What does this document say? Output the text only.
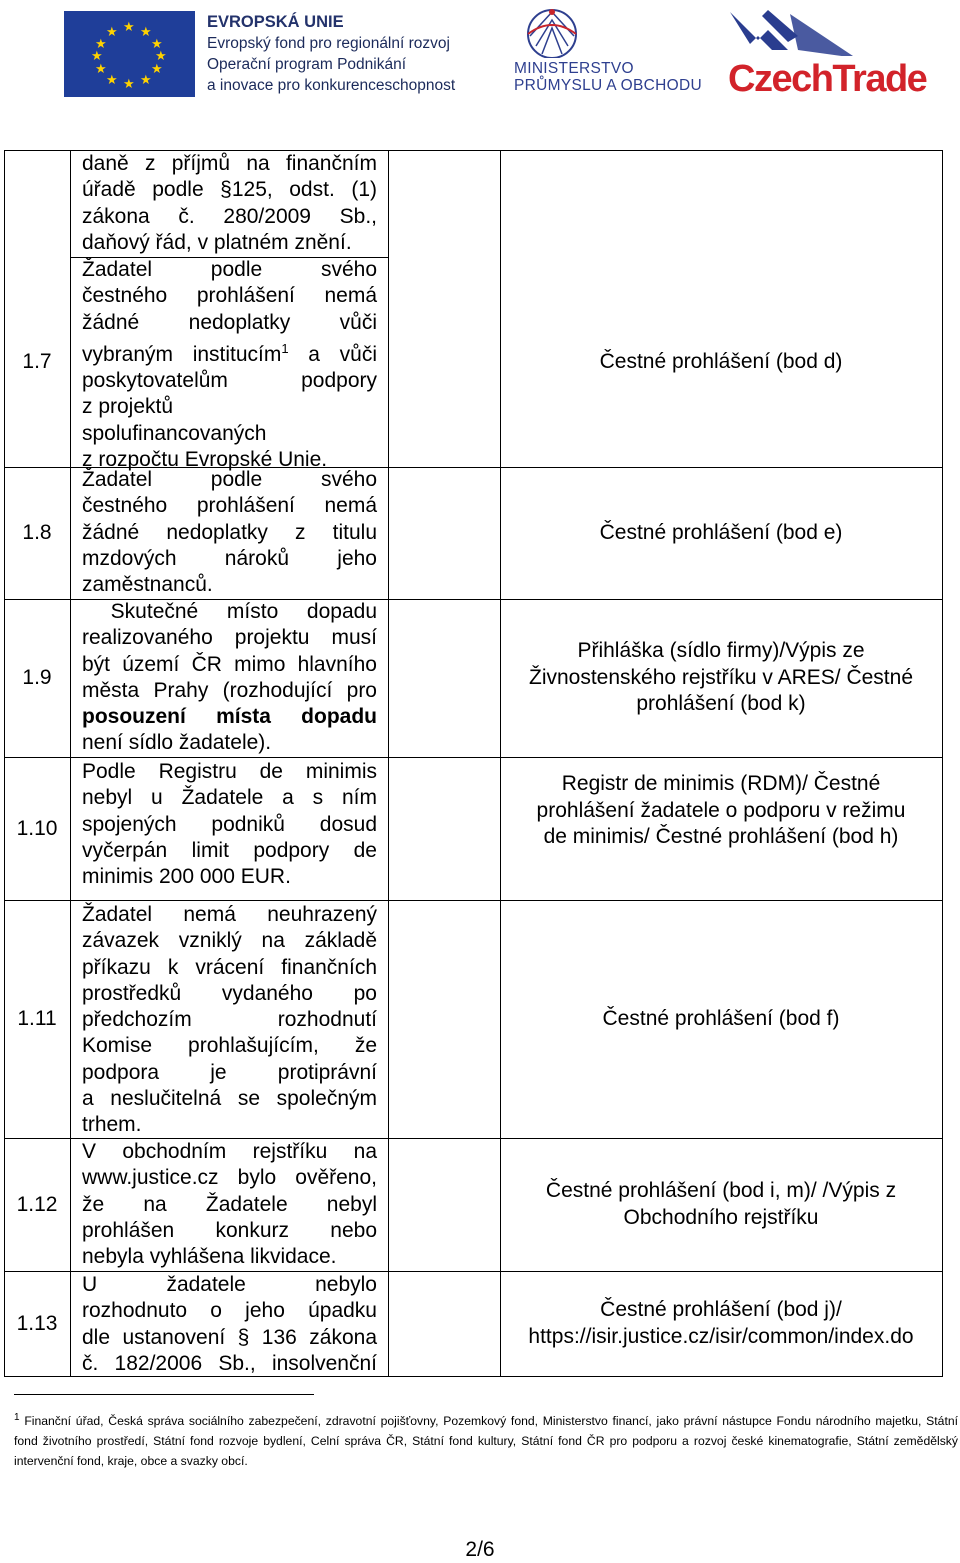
★ ★
★
★
★
★
★
★
★
★
★
★
EVROPSKÁ UNIE
Evropský fond pro regionální rozvoj
Operační program Podnikání
a inovace pro konkurenceschopnost
MINISTERSTVO
PRŮMYSLU A OBCHODU CzechTrade
daně z příjmů na finančním
úřadě podle §125, odst. (1)
zákona č. 280/2009 Sb.,
daňový řád, v platném znění.
1.7
Žadatel podle svého
čestného prohlášení nemá
žádné nedoplatky vůči
vybraným institucím$^1$ a vůči
poskytovatelům podpory
z projektů
spolufinancovaných
z rozpočtu Evropské Unie.
Čestné prohlášení (bod d)
1.8
Žadatel podle svého
čestného prohlášení nemá
žádné nedoplatky z titulu
mzdových nároků jeho
zaměstnanců.
Čestné prohlášení (bod e)
1.9
Skutečné místo dopadu
realizovaného projektu musí
být území ČR mimo hlavního
města Prahy (rozhodující pro
posouzení místa dopadu
není sídlo žadatele).
Přihláška (sídlo firmy)/Výpis ze
Živnostenského rejstříku v ARES/ Čestné
prohlášení (bod k)
1.10
Podle Registru de minimis
nebyl u Žadatele a s ním
spojených podniků dosud
vyčerpán limit podpory de
minimis 200 000 EUR.
Registr de minimis (RDM)/ Čestné
prohlášení žadatele o podporu v režimu
de minimis/ Čestné prohlášení (bod h)
1.11
Žadatel nemá neuhrazený
závazek vzniklý na základě
příkazu k vrácení finančních
prostředků vydaného po
předchozím rozhodnutí
Komise prohlašujícím, že
podpora je protiprávní
a neslučitelná se společným
trhem.
Čestné prohlášení (bod f)
1.12
V obchodním rejstříku na
www.justice.cz bylo ověřeno,
že na Žadatele nebyl
prohlášen konkurz nebo
nebyla vyhlášena likvidace.
Čestné prohlášení (bod i, m)/ /Výpis z
Obchodního rejstříku
1.13
U žadatele nebylo
rozhodnuto o jeho úpadku
dle ustanovení § 136 zákona
č. 182/2006 Sb., insolvenční
Čestné prohlášení (bod j)/
https://isir.justice.cz/isir/common/index.do
$^1$ Finanční úřad, Česká správa sociálního zabezpečení, zdravotní pojišťovny, Pozemkový fond, Ministerstvo financí, jako právní nástupce Fondu národního majetku, Státní fond životního prostředí, Státní fond rozvoje bydlení, Celní správa ČR, Státní fond kultury, Státní fond ČR pro podporu a rozvoj české kinematografie, Státní zemědělský intervenční fond, kraje, obce a svazky obcí.
2/6
